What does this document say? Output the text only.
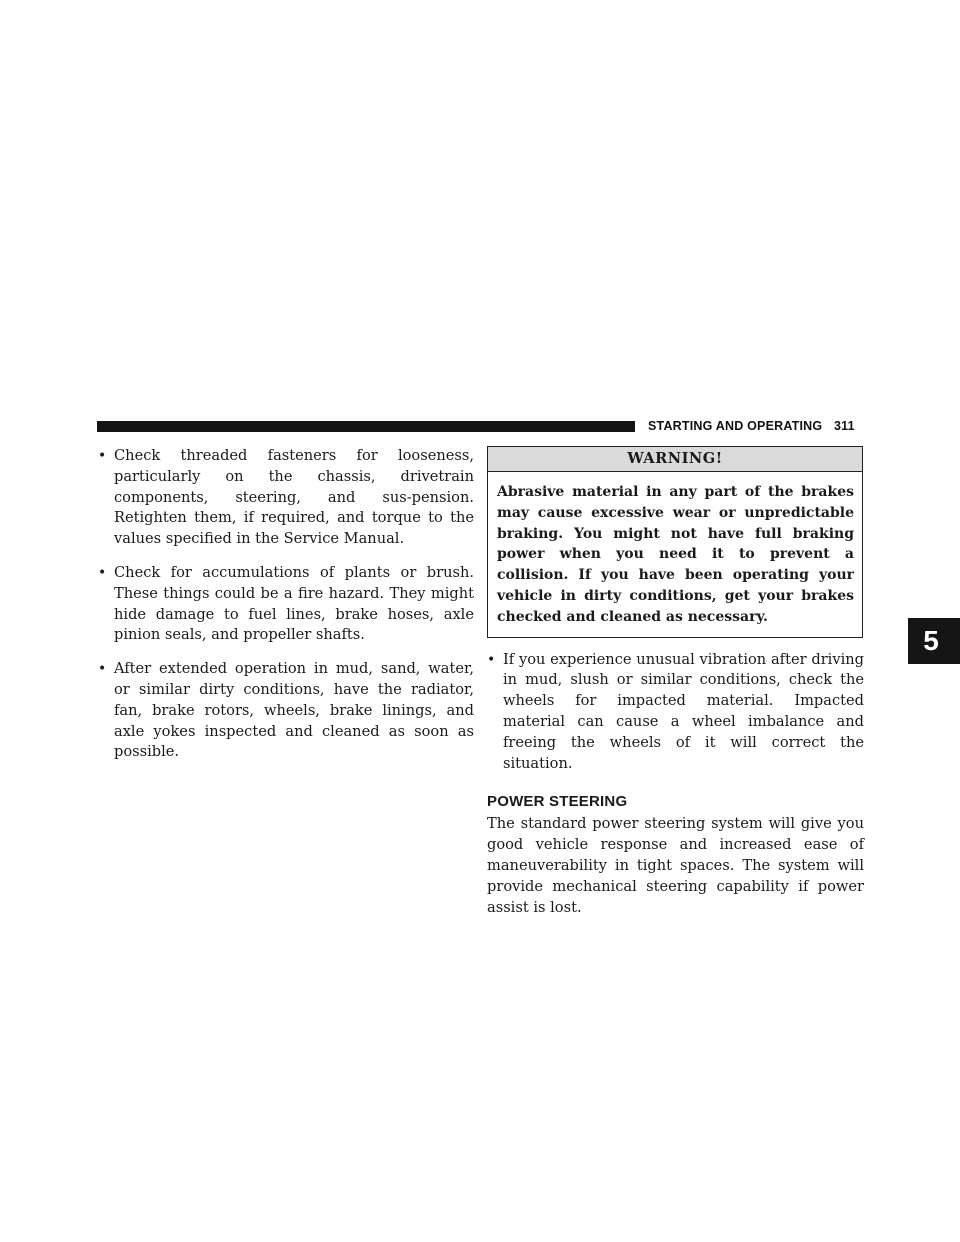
STARTING AND OPERATING 311
5
• Check threaded fasteners for looseness, particularly on the chassis, drivetrain components, steering, and sus-pension. Retighten them, if required, and torque to the values specified in the Service Manual.
• Check for accumulations of plants or brush. These things could be a fire hazard. They might hide damage to fuel lines, brake hoses, axle pinion seals, and propeller shafts.
• After extended operation in mud, sand, water, or similar dirty conditions, have the radiator, fan, brake rotors, wheels, brake linings, and axle yokes inspected and cleaned as soon as possible.
WARNING!
Abrasive material in any part of the brakes may cause excessive wear or unpredictable braking. You might not have full braking power when you need it to prevent a collision. If you have been operating your vehicle in dirty conditions, get your brakes checked and cleaned as necessary.
• If you experience unusual vibration after driving in mud, slush or similar conditions, check the wheels for impacted material. Impacted material can cause a wheel imbalance and freeing the wheels of it will correct the situation.
POWER STEERING

The standard power steering system will give you good vehicle response and increased ease of maneuverability in tight spaces. The system will provide mechanical steering capability if power assist is lost.
